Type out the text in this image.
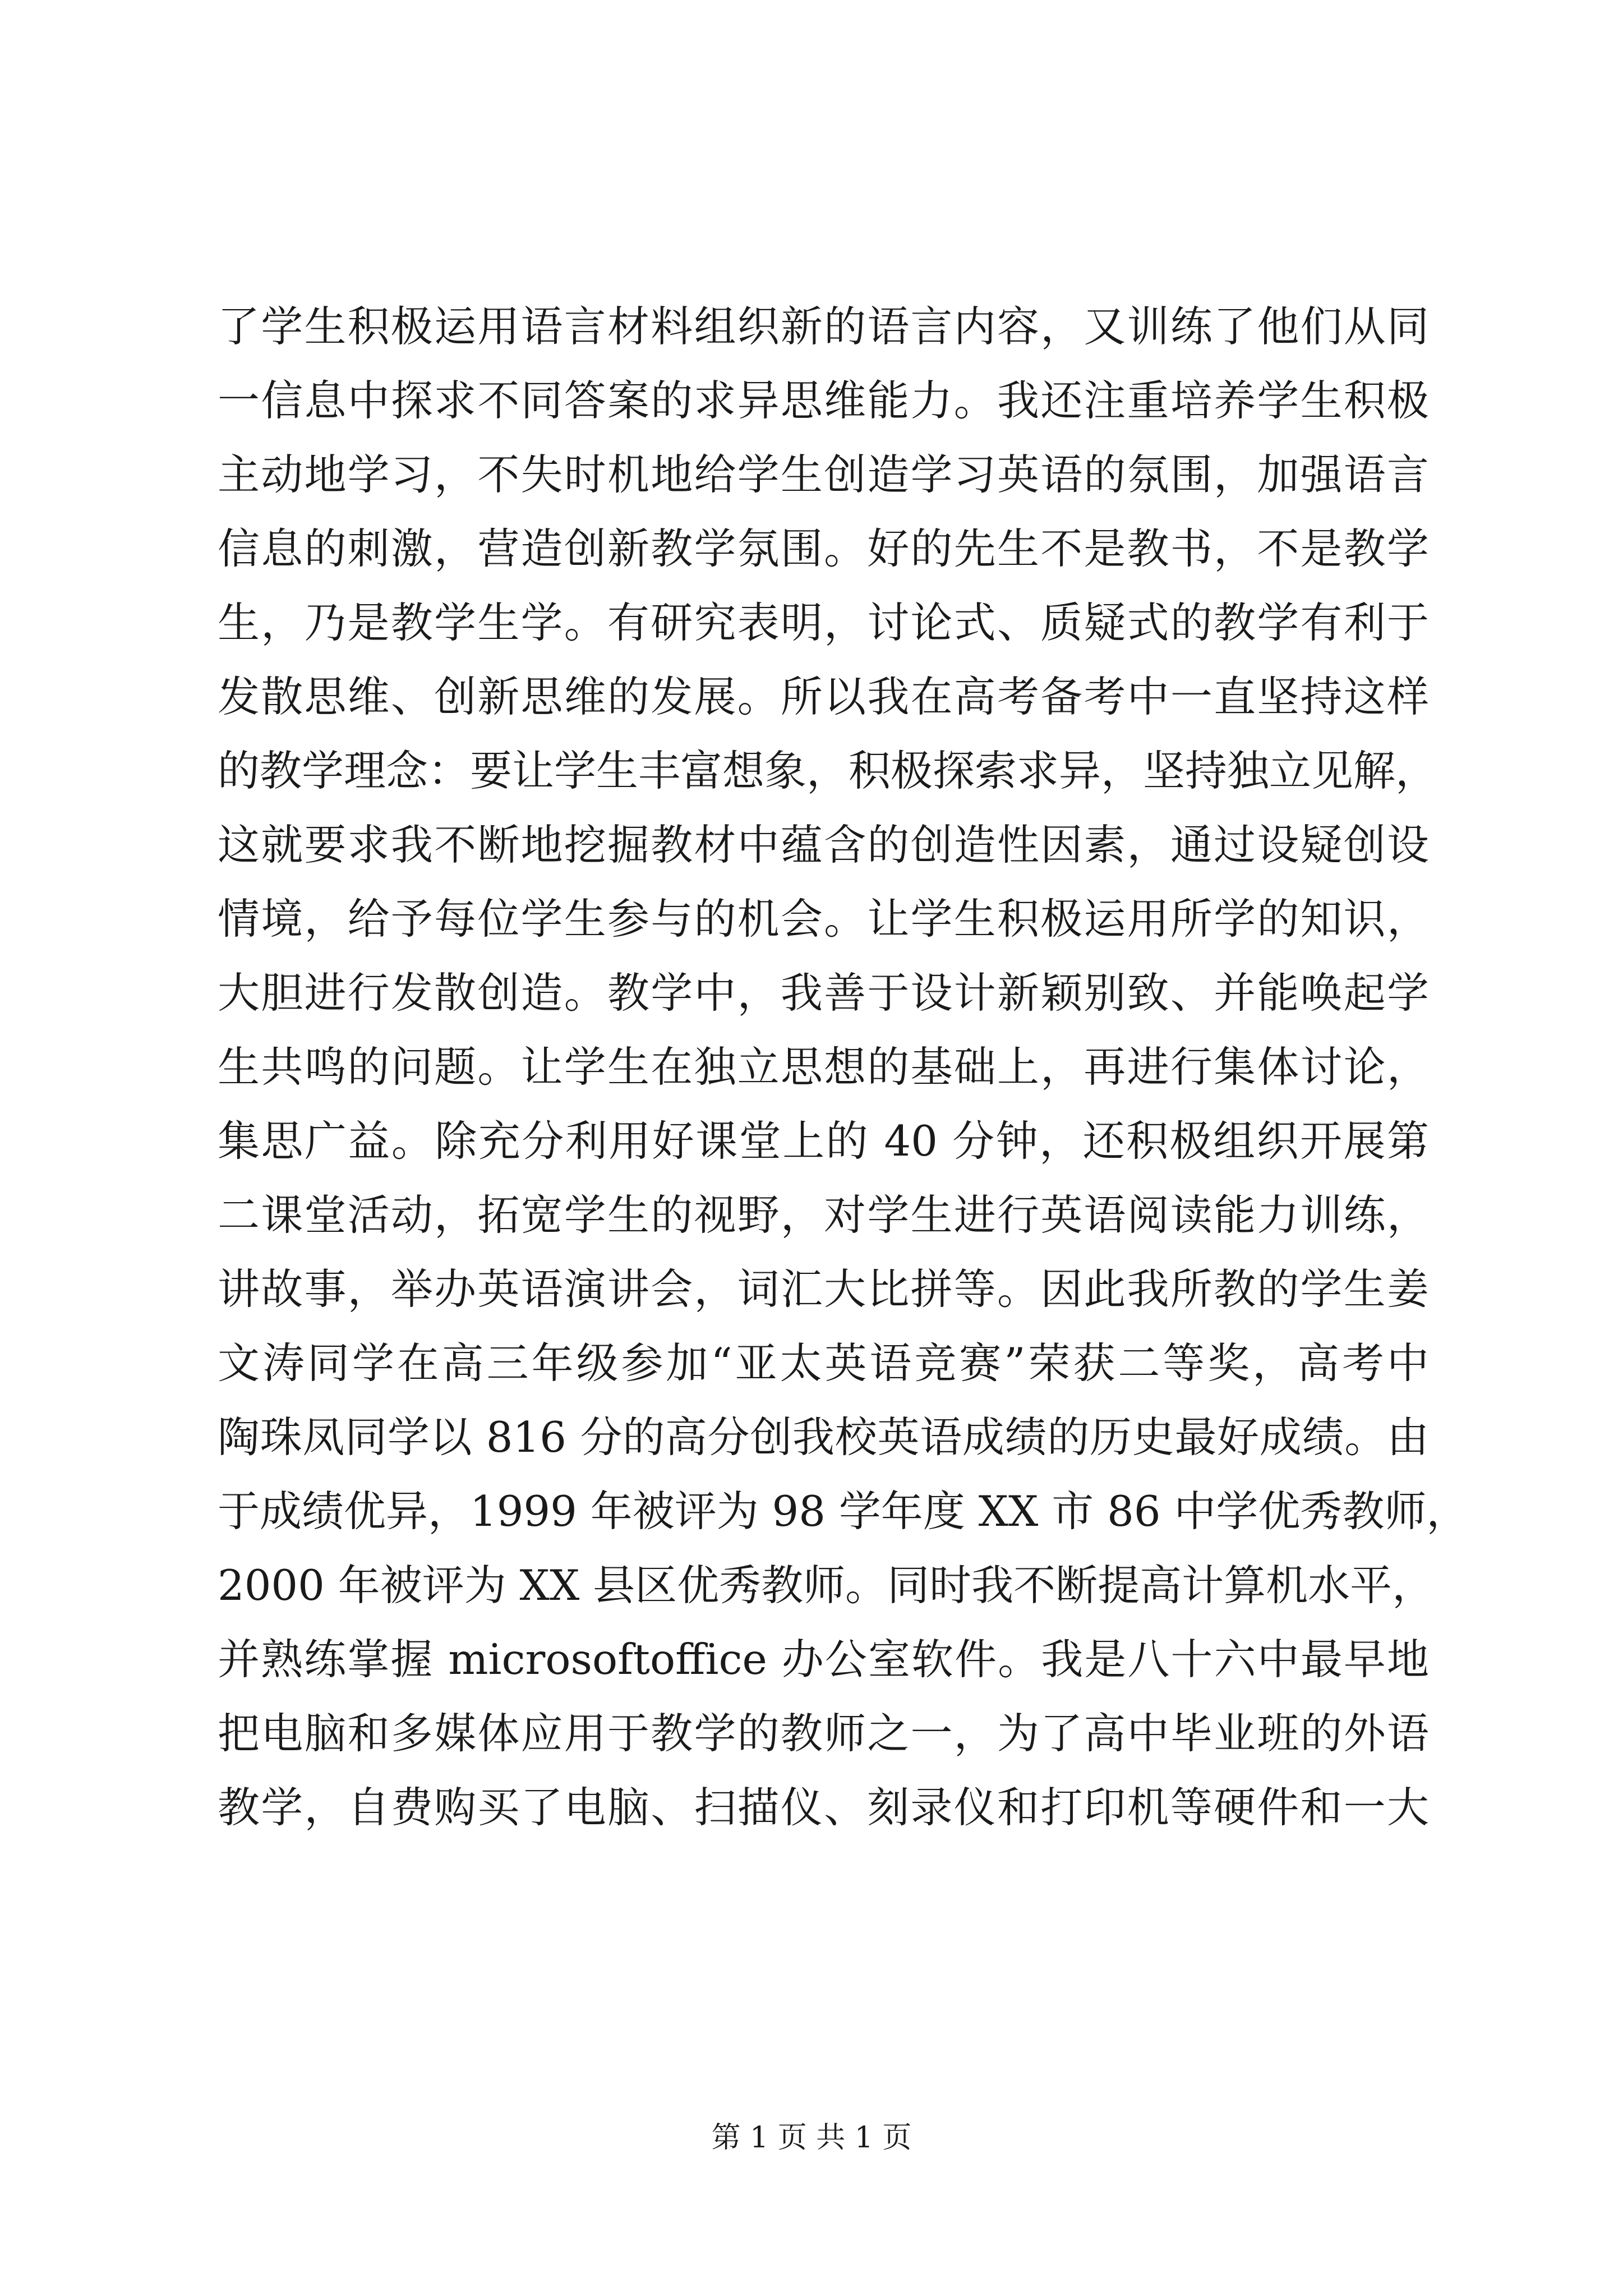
了学生积极运用语言材料组织新的语言内容，又训练了他们从同
一信息中探求不同答案的求异思维能力。我还注重培养学生积极
主动地学习，不失时机地给学生创造学习英语的氛围，加强语言
信息的刺激，营造创新教学氛围。好的先生不是教书，不是教学
生，乃是教学生学。有研究表明，讨论式、质疑式的教学有利于
发散思维、创新思维的发展。所以我在高考备考中一直坚持这样
的教学理念：要让学生丰富想象，积极探索求异，坚持独立见解，
这就要求我不断地挖掘教材中蕴含的创造性因素，通过设疑创设
情境，给予每位学生参与的机会。让学生积极运用所学的知识，
大胆进行发散创造。教学中，我善于设计新颖别致、并能唤起学
生共鸣的问题。让学生在独立思想的基础上，再进行集体讨论，
集思广益。除充分利用好课堂上的 40 分钟，还积极组织开展第
二课堂活动，拓宽学生的视野，对学生进行英语阅读能力训练，
讲故事，举办英语演讲会，词汇大比拼等。因此我所教的学生姜
文涛同学在高三年级参加“亚太英语竞赛”荣获二等奖，高考中
陶珠凤同学以 816 分的高分创我校英语成绩的历史最好成绩。由
于成绩优异，1999 年被评为 98 学年度 XX 市 86 中学优秀教师，
2000 年被评为 XX 县区优秀教师。同时我不断提高计算机水平，
并熟练掌握 microsoftoffice 办公室软件。我是八十六中最早地
把电脑和多媒体应用于教学的教师之一，为了高中毕业班的外语
教学，自费购买了电脑、扫描仪、刻录仪和打印机等硬件和一大

第 1 页 共 1 页
